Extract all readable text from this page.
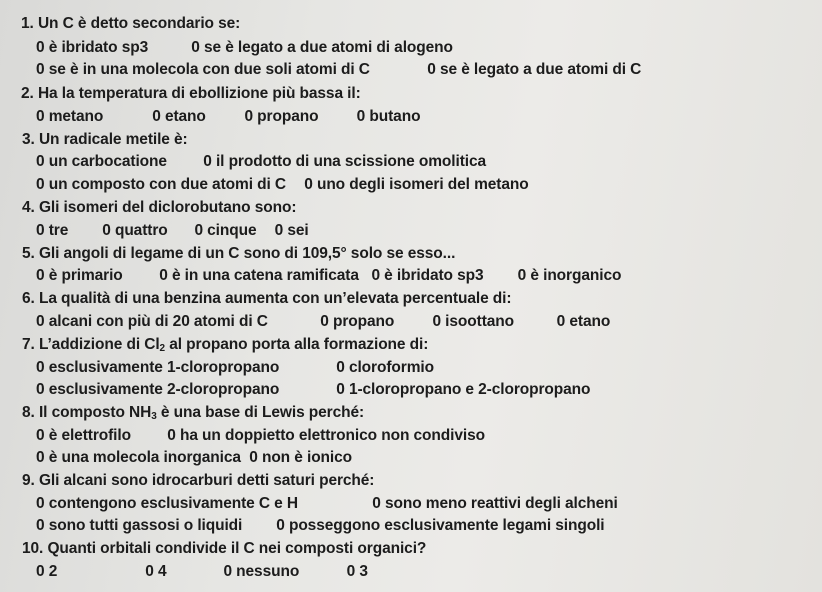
1. Un C è detto secondario se:
0 è ibridato sp3	0 se è legato a due atomi di alogeno
0 se è in una molecola con due soli atomi di C	0 se è legato a due atomi di C
2. Ha la temperatura di ebollizione più bassa il:
0 metano	0 etano 0 propano 0 butano
3. Un radicale metile è:
0 un carbocatione 0 il prodotto di una scissione omolitica
0 un composto con due atomi di C 0 uno degli isomeri del metano
4. Gli isomeri del diclorobutano sono:
0 tre 0 quattro 0 cinque 0 sei
5. Gli angoli di legame di un C sono di 109,5° solo se esso...
0 è primario 0 è in una catena ramificata 0 è ibridato sp3 0 è inorganico
6. La qualità di una benzina aumenta con un’elevata percentuale di:
0 alcani con più di 20 atomi di C	0 propano 0 isoottano	0 etano
7. L’addizione di $Cl_2$ al propano porta alla formazione di:
0 esclusivamente 1-cloropropano	0 cloroformio
0 esclusivamente 2-cloropropano	0 1-cloropropano e 2-cloropropano
8. Il composto $NH_3$ è una base di Lewis perché:
0 è elettrofilo 0 ha un doppietto elettronico non condiviso
0 è una molecola inorganica 0 non è ionico
9. Gli alcani sono idrocarburi detti saturi perché:
0 contengono esclusivamente C e H	0 sono meno reattivi degli alcheni
0 sono tutti gassosi o liquidi 0 posseggono esclusivamente legami singoli
10. Quanti orbitali condivide il C nei composti organici?
0 2	0 4	0 nessuno	0 3
